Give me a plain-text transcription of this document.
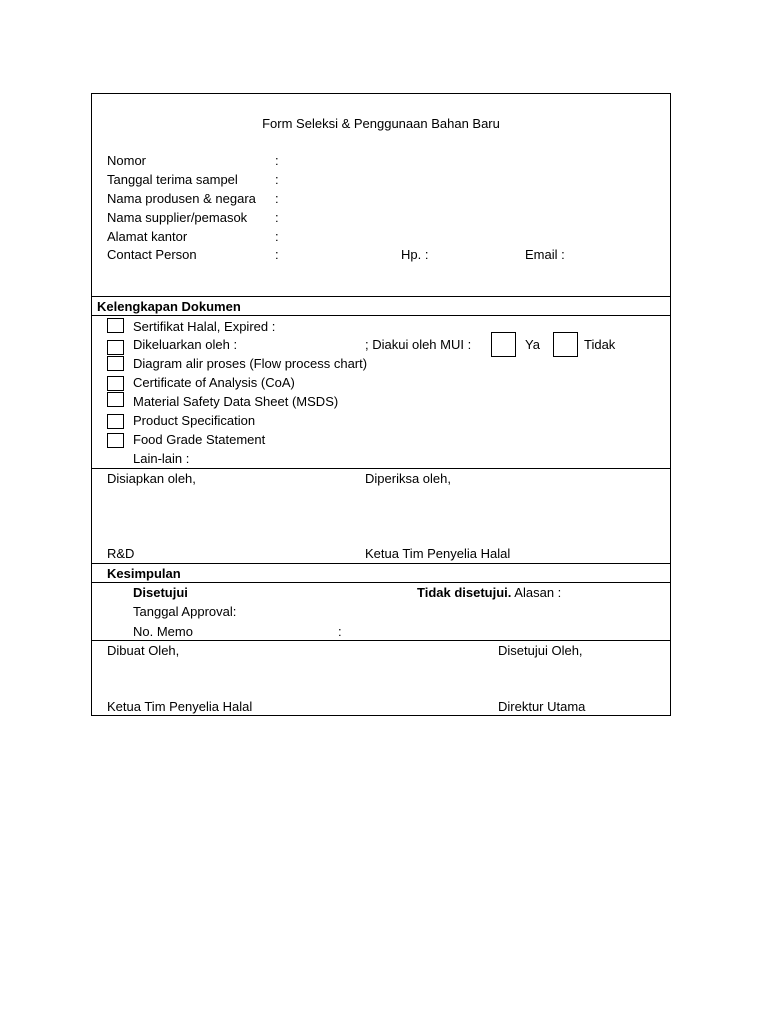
Form Seleksi & Penggunaan Bahan Baru
Nomor	:
Tanggal terima sampel	:
Nama produsen & negara :
Nama supplier/pemasok :
Alamat kantor	:
Contact Person	:	Hp. :	Email :
Kelengkapan Dokumen
Sertifikat Halal, Expired :
Dikeluarkan oleh :	; Diakui oleh MUI :	Ya	Tidak
Diagram alir proses (Flow process chart)
Certificate of Analysis (CoA)
Material Safety Data Sheet (MSDS)
Product Specification
Food Grade Statement
Lain-lain :
Disiapkan oleh,	Diperiksa oleh,
R&D	Ketua Tim Penyelia Halal
Kesimpulan
Disetujui	Tidak disetujui. Alasan :
Tanggal Approval:
No. Memo	:
Dibuat Oleh,	Disetujui Oleh,
Ketua Tim Penyelia Halal	Direktur Utama
